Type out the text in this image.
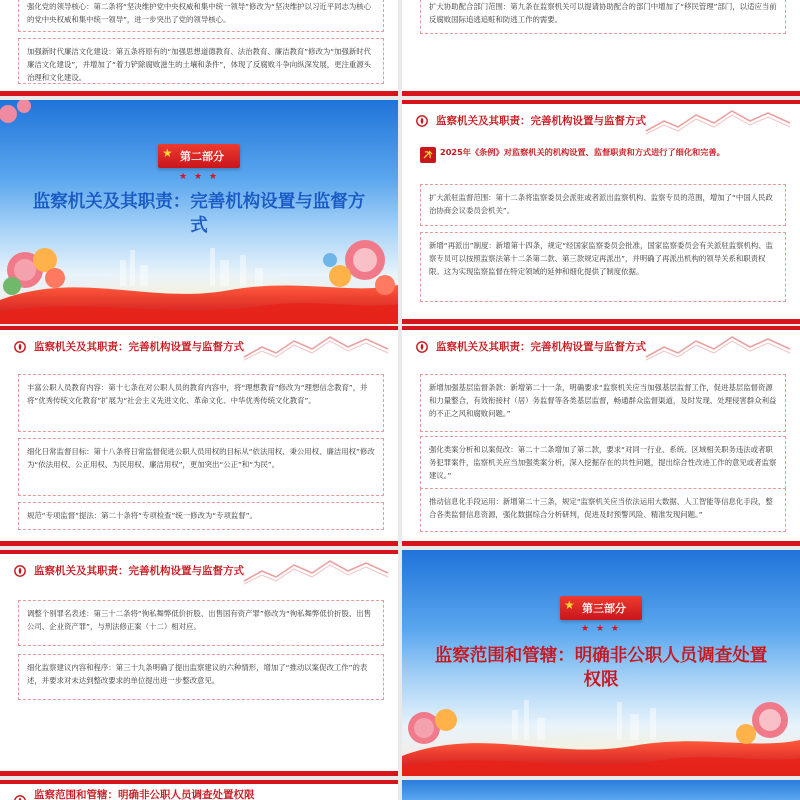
强化党的领导核心：第二条将“坚决维护党中央权威和集中统一领导”修改为“坚决维护以习近平同志为核心的党中央权威和集中统一领导”，进一步突出了党的领导核心。

加强新时代廉洁文化建设：第五条将原有的“加强思想道德教育、法治教育、廉洁教育”修改为“加强新时代廉洁文化建设”，并增加了“着力铲除腐败滋生的土壤和条件”，体现了反腐败斗争向纵深发展，更注重源头治理和文化建设。

扩大协助配合部门范围：第九条在监察机关可以提请协助配合的部门中增加了“移民管理”部门，以适应当前反腐败国际追逃追赃和防逃工作的需要。

★ 第二部分
★ ★ ★
监察机关及其职责：完善机构设置与监督方式
监察机关及其职责：完善机构设置与监督方式
2025年《条例》对监察机关的机构设置、监督职责和方式进行了细化和完善。

扩大派驻监督范围：第十二条将监察委员会派驻或者派出监察机构、监察专员的范围，增加了“中国人民政治协商会议委员会机关”。

新增“再派出”制度：新增第十四条，规定“经国家监察委员会批准，国家监察委员会有关派驻监察机构、监察专员可以按照监察法第十二条第二款、第三款规定再派出”，并明确了再派出机构的领导关系和职责权限。这为实现监察监督在特定领域的延伸和细化提供了制度依据。

监察机关及其职责：完善机构设置与监督方式

丰富公职人员教育内容：第十七条在对公职人员的教育内容中，将“理想教育”修改为“理想信念教育”，并将“优秀传统文化教育”扩展为“社会主义先进文化、革命文化、中华优秀传统文化教育”。

细化日常监督目标：第十八条将日常监督促进公职人员用权的目标从“依法用权、秉公用权、廉洁用权”修改为“依法用权、公正用权、为民用权、廉洁用权”，更加突出“公正”和“为民”。

规范“专项监督”提法：第二十条将“专项检查”统一修改为“专项监督”。

监察机关及其职责：完善机构设置与监督方式

新增加强基层监督条款：新增第二十一条，明确要求“监察机关应当加强基层监督工作，促进基层监督资源和力量整合，有效衔接村（居）务监督等各类基层监督，畅通群众监督渠道，及时发现、处理侵害群众利益的不正之风和腐败问题。”

强化类案分析和以案促改：第二十二条增加了第二款，要求“对同一行业、系统、区域相关职务违法或者职务犯罪案件，监察机关应当加强类案分析，深入挖掘存在的共性问题，提出综合性改进工作的意见或者监察建议。”

推动信息化手段运用：新增第二十三条，规定“监察机关应当依法运用大数据、人工智能等信息化手段，整合各类监督信息资源，强化数据综合分析研判，促进及时预警风险、精准发现问题。”

监察机关及其职责：完善机构设置与监督方式

调整个别罪名表述：第三十二条将“徇私舞弊低价折股、出售国有资产罪”修改为“徇私舞弊低价折股、出售公司、企业资产罪”，与刑法修正案（十二）相对应。

细化监察建议内容和程序：第三十九条明确了提出监察建议的六种情形，增加了“推动以案促改工作”的表述，并要求对未达到整改要求的单位提出进一步整改意见。

★ 第三部分
★ ★ ★
监察范围和管辖：明确非公职人员调查处置权限
监察范围和管辖：明确非公职人员调查处置权限
